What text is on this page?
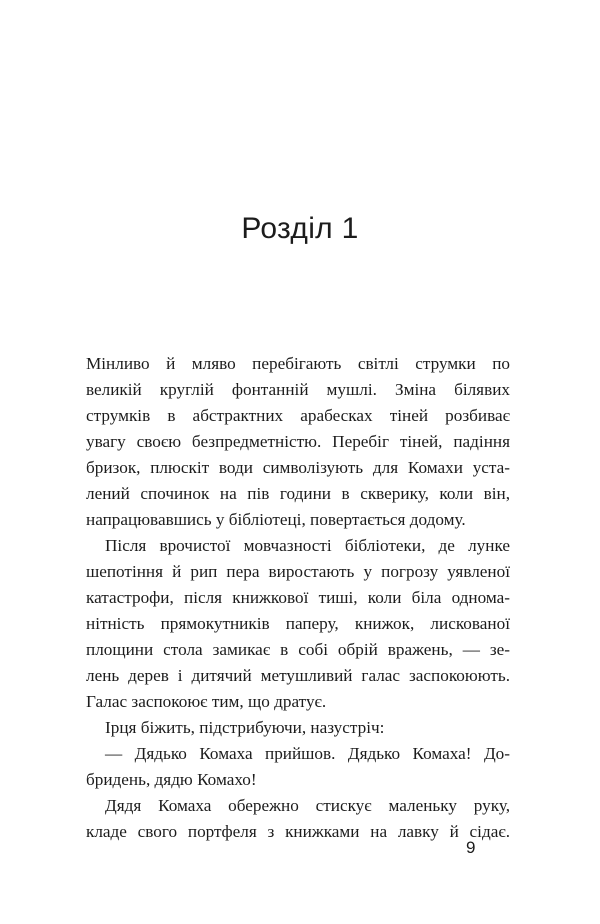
Розділ 1
Мінливо й мляво перебігають світлі струмки по
великій круглій фонтанній мушлі. Зміна білявих
струмків в абстрактних арабесках тіней розбиває
увагу своєю безпредметністю. Перебіг тіней, падіння
бризок, плюскіт води символізують для Комахи уста-
лений спочинок на пів години в скверику, коли він,
напрацювавшись у бібліотеці, повертається додому.
Після врочистої мовчазності бібліотеки, де лунке
шепотіння й рип пера виростають у погрозу уявленої
катастрофи, після книжкової тиші, коли біла однома-
нітність прямокутників паперу, книжок, лискованої
площини стола замикає в собі обрій вражень, — зе-
лень дерев і дитячий метушливий галас заспокоюють.
Галас заспокоює тим, що дратує.
Ірця біжить, підстрибуючи, назустріч:
— Дядько Комаха прийшов. Дядько Комаха! До-
бридень, дядю Комахо!
Дядя Комаха обережно стискує маленьку руку,
кладе свого портфеля з книжками на лавку й сідає.
9
